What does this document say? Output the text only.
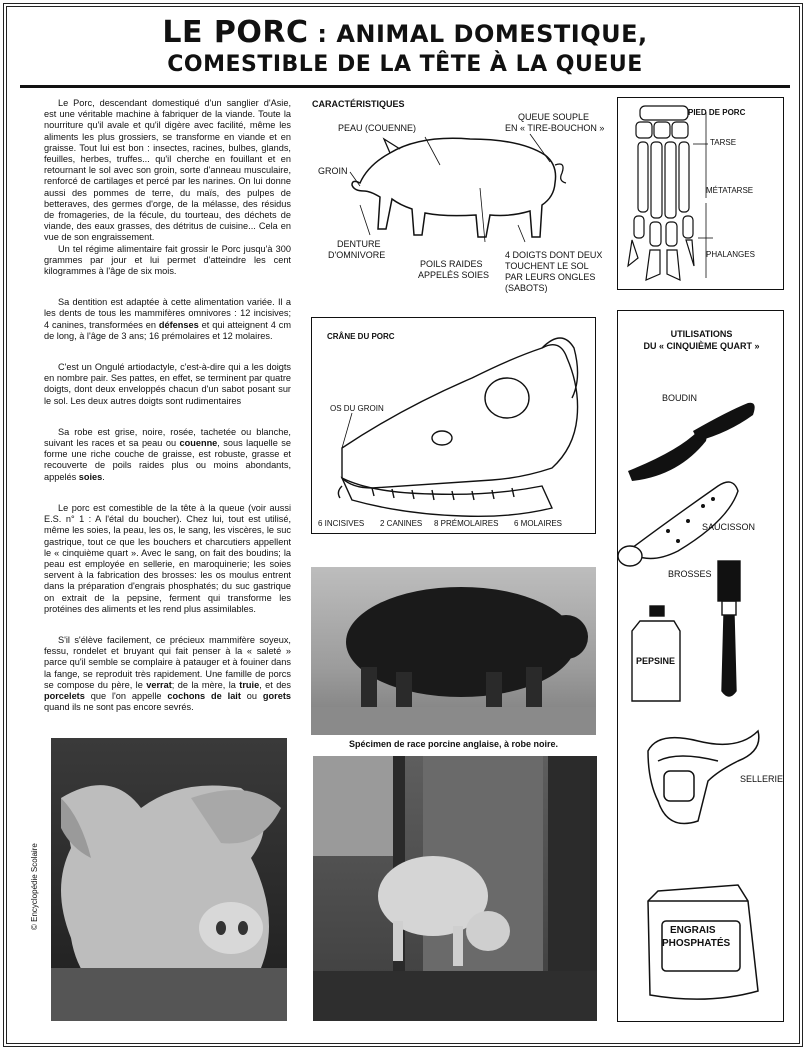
LE PORC : ANIMAL DOMESTIQUE,
COMESTIBLE DE LA TÊTE À LA QUEUE

Le Porc, descendant domestiqué d'un sanglier d'Asie, est une véritable machine à fabriquer de la viande. Toute la nourriture qu'il avale et qu'il digère avec facilité, même les aliments les plus grossiers, se transforme en viande et en graisse. Tout lui est bon : insectes, racines, bulbes, glands, feuilles, herbes, truffes... qu'il cherche en fouillant et en retournant le sol avec son groin, sorte d'anneau musculaire, renforcé de cartilages et percé par les narines. On lui donne aussi des pommes de terre, du maïs, des pulpes de betteraves, des germes d'orge, de la mélasse, des résidus de fromageries, de la fécule, du tourteau, des déchets de viande, des eaux grasses, des détritus de cuisine... Cela en vue de son engraissement.

Un tel régime alimentaire fait grossir le Porc jusqu'à 300 grammes par jour et lui permet d'atteindre les cent kilogrammes à l'âge de six mois.

Sa dentition est adaptée à cette alimentation variée. Il a les dents de tous les mammifères omnivores : 12 incisives; 4 canines, transformées en défenses et qui atteignent 4 cm de long, à l'âge de 3 ans; 16 prémolaires et 12 molaires.

C'est un Ongulé artiodactyle, c'est-à-dire qui a les doigts en nombre pair. Ses pattes, en effet, se terminent par quatre doigts, dont deux enveloppés chacun d'un sabot posant sur le sol. Les deux autres doigts sont rudimentaires

Sa robe est grise, noire, rosée, tachetée ou blanche, suivant les races et sa peau ou couenne, sous laquelle se forme une riche couche de graisse, est robuste, grasse et recouverte de poils raides plus ou moins abondants, appelés soies.

Le porc est comestible de la tête à la queue (voir aussi E.S. n° 1 : A l'étal du boucher). Chez lui, tout est utilisé, même les soies, la peau, les os, le sang, les viscères, le suc gastrique, tout ce que les bouchers et charcutiers appellent le « cinquième quart ». Avec le sang, on fait des boudins; la peau est employée en sellerie, en maroquinerie; les soies servent à la fabrication des brosses: les os moulus entrent dans la préparation d'engrais phosphatés; du suc gastrique on extrait de la pepsine, ferment qui transforme les protéines des aliments et les rend plus assimilables.

S'il s'élève facilement, ce précieux mammifère soyeux, fessu, rondelet et bruyant qui fait penser à la « saleté » parce qu'il semble se complaire à patauger et à fouiner dans la fange, se reproduit très rapidement. Une famille de porcs se compose du père, le verrat; de la mère, la truie, et des porcelets que l'on appelle cochons de lait ou gorets quand ils ne sont pas encore sevrés.

CARACTÉRISTIQUES
PEAU (COUENNE)
QUEUE SOUPLE
EN « TIRE-BOUCHON »
GROIN
DENTURE
D'OMNIVORE
POILS RAIDES
APPELÉS SOIES
4 DOIGTS DONT DEUX
TOUCHENT LE SOL
PAR LEURS ONGLES
(SABOTS)
PIED DE PORC
TARSE
MÉTATARSE
PHALANGES
CRÂNE DU PORC
OS DU GROIN
6 INCISIVES 2 CANINES 8 PRÉMOLAIRES 6 MOLAIRES
UTILISATIONS
DU « CINQUIÈME QUART »
BOUDIN
SAUCISSON
BROSSES
PEPSINE
SELLERIE
ENGRAIS
PHOSPHATÉS
Spécimen de race porcine anglaise, à robe noire.
© Encyclopédie Scolaire
